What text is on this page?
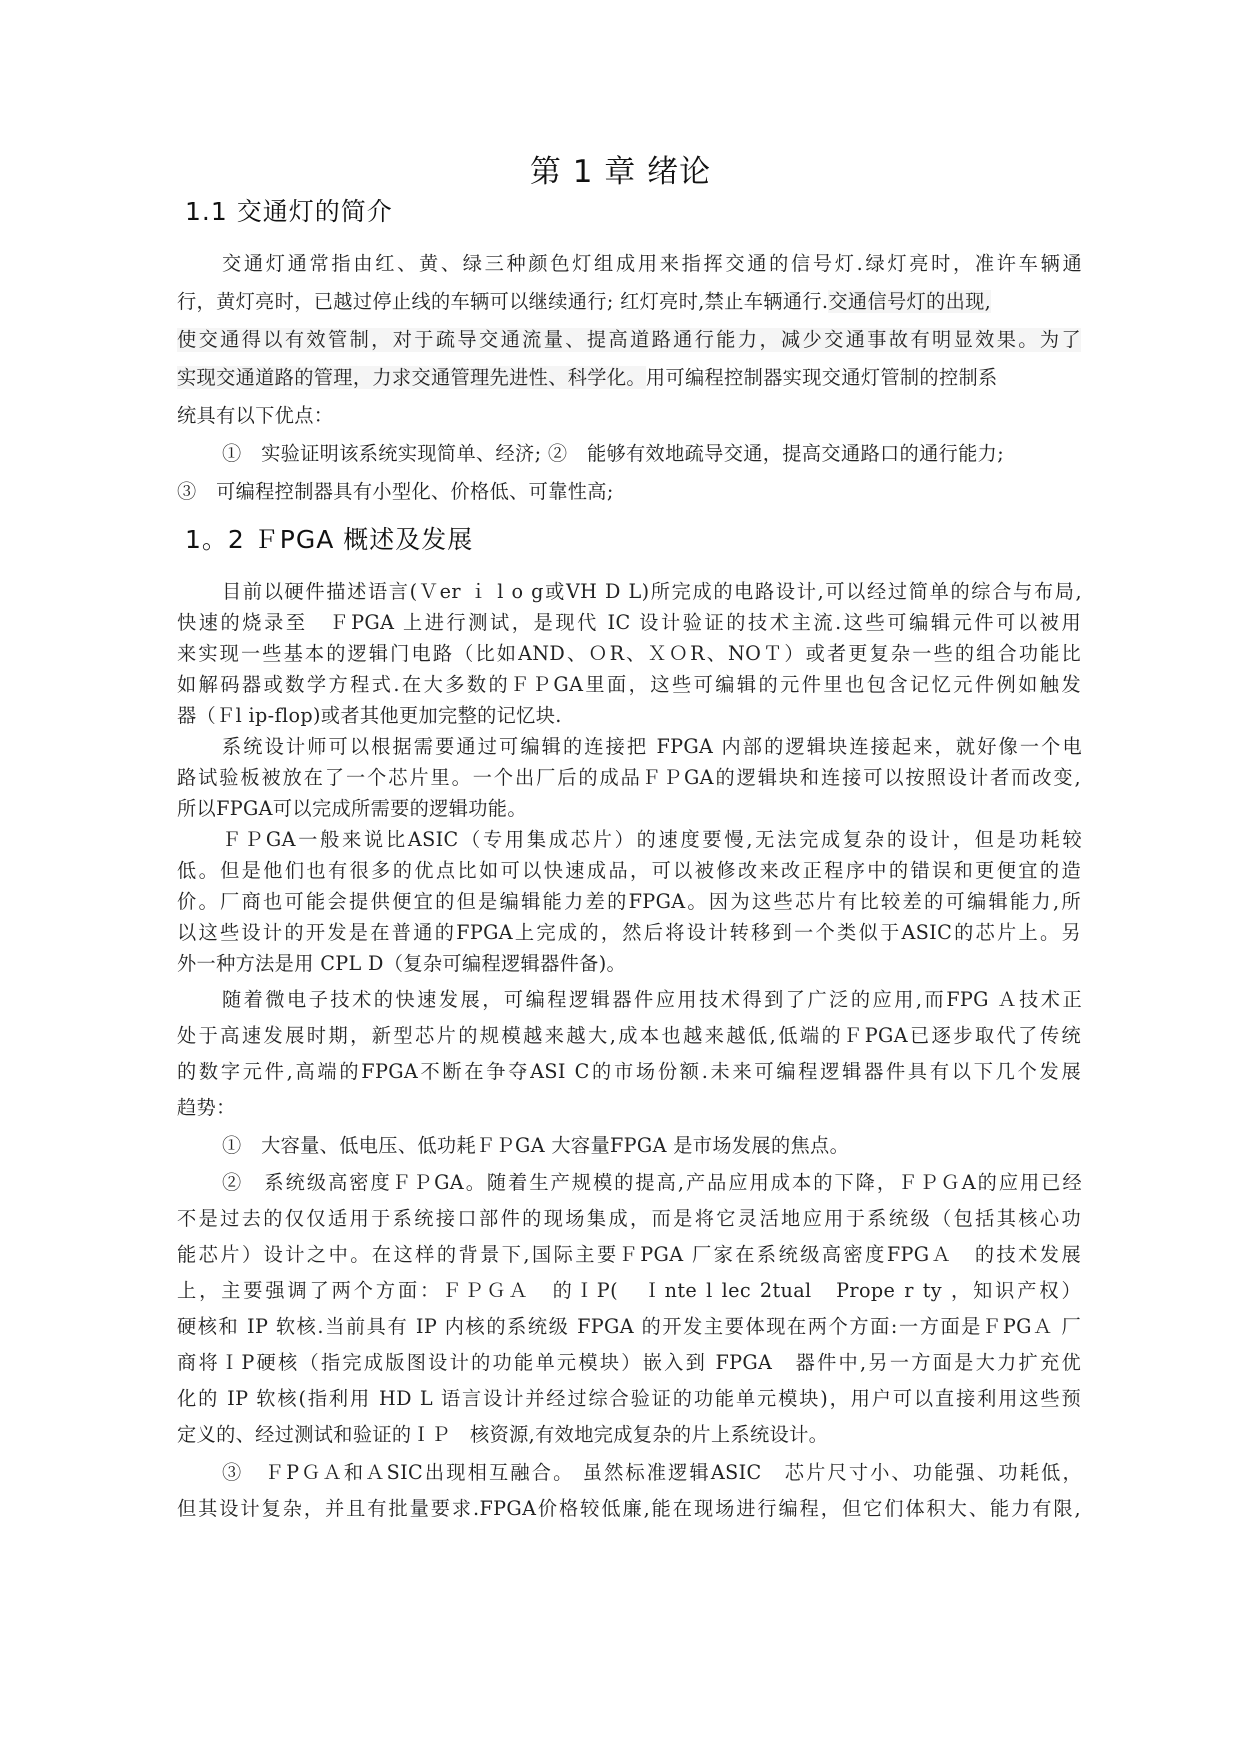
第 1 章 绪论
1.1 交通灯的简介
交通灯通常指由红、黄、绿三种颜色灯组成用来指挥交通的信号灯.绿灯亮时，准许车辆通
行，黄灯亮时，已越过停止线的车辆可以继续通行; 红灯亮时,禁止车辆通行.交通信号灯的出现,
使交通得以有效管制，对于疏导交通流量、提高道路通行能力，减少交通事故有明显效果。为了
实现交通道路的管理，力求交通管理先进性、科学化。用可编程控制器实现交通灯管制的控制系
统具有以下优点：
①　实验证明该系统实现简单、经济; ②　能够有效地疏导交通，提高交通路口的通行能力;
③　可编程控制器具有小型化、价格低、可靠性高;
1。2 ＦPGA 概述及发展
目前以硬件描述语言(Ｖer ｉ l o g或VH D L)所完成的电路设计,可以经过简单的综合与布局,
快速的烧录至　ＦPGA 上进行测试，是现代 IC 设计验证的技术主流.这些可编辑元件可以被用
来实现一些基本的逻辑门电路（比如AND、ＯR、ＸＯR、NOＴ）或者更复杂一些的组合功能比
如解码器或数学方程式.在大多数的ＦＰGA里面，这些可编辑的元件里也包含记忆元件例如触发
器（Ｆl ip-flop)或者其他更加完整的记忆块.
系统设计师可以根据需要通过可编辑的连接把 FPGA 内部的逻辑块连接起来，就好像一个电
路试验板被放在了一个芯片里。一个出厂后的成品ＦＰGA的逻辑块和连接可以按照设计者而改变,
所以FPGA可以完成所需要的逻辑功能。
ＦＰGA一般来说比ASIC（专用集成芯片）的速度要慢,无法完成复杂的设计，但是功耗较
低。但是他们也有很多的优点比如可以快速成品，可以被修改来改正程序中的错误和更便宜的造
价。厂商也可能会提供便宜的但是编辑能力差的FPGA。因为这些芯片有比较差的可编辑能力,所
以这些设计的开发是在普通的FPGA上完成的，然后将设计转移到一个类似于ASIC的芯片上。另
外一种方法是用 CPL D（复杂可编程逻辑器件备)。
随着微电子技术的快速发展，可编程逻辑器件应用技术得到了广泛的应用,而FPG Ａ技术正
处于高速发展时期，新型芯片的规模越来越大,成本也越来越低,低端的ＦPGA已逐步取代了传统
的数字元件,高端的FPGA不断在争夺ASI C的市场份额.未来可编程逻辑器件具有以下几个发展
趋势：
①　大容量、低电压、低功耗ＦＰGA 大容量FPGA 是市场发展的焦点。
②　系统级高密度ＦＰGA。随着生产规模的提高,产品应用成本的下降，ＦＰＧA的应用已经
不是过去的仅仅适用于系统接口部件的现场集成，而是将它灵活地应用于系统级（包括其核心功
能芯片）设计之中。在这样的背景下,国际主要ＦPGA 厂家在系统级高密度FPGＡ　的技术发展
上，主要强调了两个方面：ＦＰＧＡ　的ＩP(　Ｉnte l lec 2tual　Prope r ty ，知识产权）
硬核和 IP 软核.当前具有 IP 内核的系统级 FPGA 的开发主要体现在两个方面:一方面是ＦPGＡ 厂
商将ＩP硬核（指完成版图设计的功能单元模块）嵌入到 FPGA　器件中,另一方面是大力扩充优
化的 IP 软核(指利用 HD L 语言设计并经过综合验证的功能单元模块)，用户可以直接利用这些预
定义的、经过测试和验证的ＩＰ　核资源,有效地完成复杂的片上系统设计。
③　ＦPＧＡ和ＡSIC出现相互融合。 虽然标准逻辑ASIC　芯片尺寸小、功能强、功耗低，
但其设计复杂，并且有批量要求.FPGA价格较低廉,能在现场进行编程，但它们体积大、能力有限,
